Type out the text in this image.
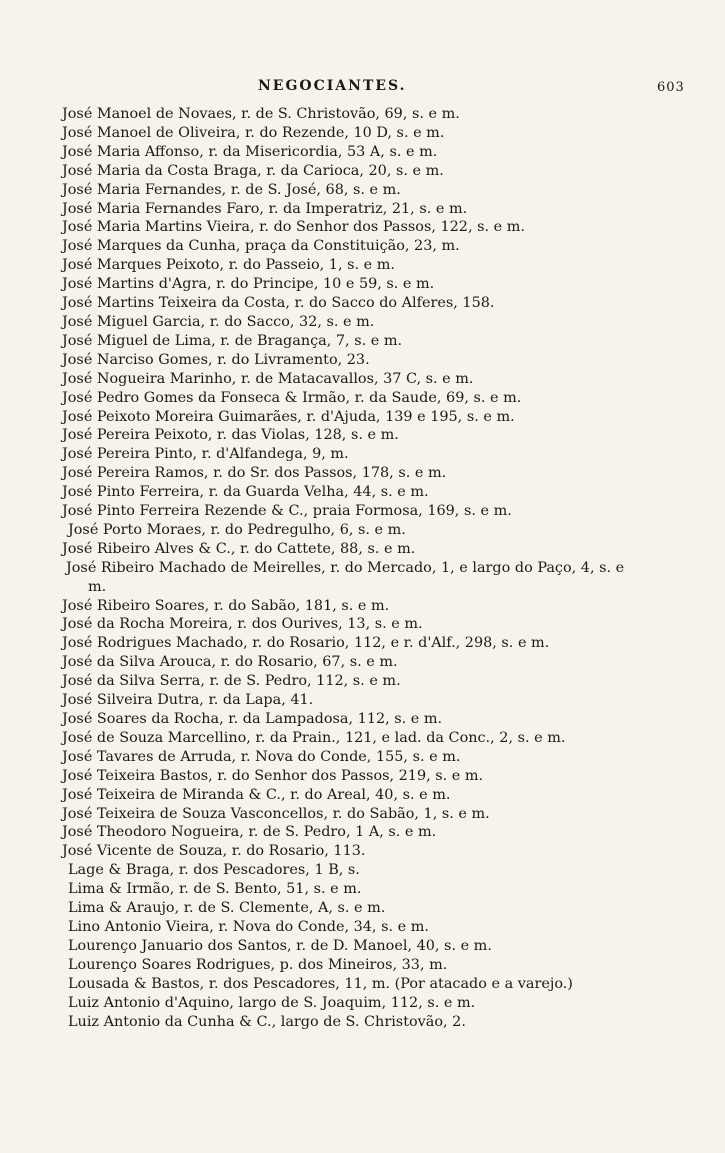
NEGOCIANTES.	603
José Manoel de Novaes, r. de S. Christovão, 69, s. e m.
José Manoel de Oliveira, r. do Rezende, 10 D, s. e m.
José Maria Affonso, r. da Misericordia, 53 A, s. e m.
José Maria da Costa Braga, r. da Carioca, 20, s. e m.
José Maria Fernandes, r. de S. José, 68, s. e m.
José Maria Fernandes Faro, r. da Imperatriz, 21, s. e m.
José Maria Martins Vieira, r. do Senhor dos Passos, 122, s. e m.
José Marques da Cunha, praça da Constituição, 23, m.
José Marques Peixoto, r. do Passeio, 1, s. e m.
José Martins d'Agra, r. do Principe, 10 e 59, s. e m.
José Martins Teixeira da Costa, r. do Sacco do Alferes, 158.
José Miguel Garcia, r. do Sacco, 32, s. e m.
José Miguel de Lima, r. de Bragança, 7, s. e m.
José Narciso Gomes, r. do Livramento, 23.
José Nogueira Marinho, r. de Matacavallos, 37 C, s. e m.
José Pedro Gomes da Fonseca & Irmão, r. da Saude, 69, s. e m.
José Peixoto Moreira Guimarães, r. d'Ajuda, 139 e 195, s. e m.
José Pereira Peixoto, r. das Violas, 128, s. e m.
José Pereira Pinto, r. d'Alfandega, 9, m.
José Pereira Ramos, r. do Sr. dos Passos, 178, s. e m.
José Pinto Ferreira, r. da Guarda Velha, 44, s. e m.
José Pinto Ferreira Rezende & C., praia Formosa, 169, s. e m.
José Porto Moraes, r. do Pedregulho, 6, s. e m.
José Ribeiro Alves & C., r. do Cattete, 88, s. e m.
José Ribeiro Machado de Meirelles, r. do Mercado, 1, e largo do Paço, 4, s. e m.
José Ribeiro Soares, r. do Sabão, 181, s. e m.
José da Rocha Moreira, r. dos Ourives, 13, s. e m.
José Rodrigues Machado, r. do Rosario, 112, e r. d'Alf., 298, s. e m.
José da Silva Arouca, r. do Rosario, 67, s. e m.
José da Silva Serra, r. de S. Pedro, 112, s. e m.
José Silveira Dutra, r. da Lapa, 41.
José Soares da Rocha, r. da Lampadosa, 112, s. e m.
José de Souza Marcellino, r. da Prain., 121, e lad. da Conc., 2, s. e m.
José Tavares de Arruda, r. Nova do Conde, 155, s. e m.
José Teixeira Bastos, r. do Senhor dos Passos, 219, s. e m.
José Teixeira de Miranda & C., r. do Areal, 40, s. e m.
José Teixeira de Souza Vasconcellos, r. do Sabão, 1, s. e m.
José Theodoro Nogueira, r. de S. Pedro, 1 A, s. e m.
José Vicente de Souza, r. do Rosario, 113.
Lage & Braga, r. dos Pescadores, 1 B, s.
Lima & Irmão, r. de S. Bento, 51, s. e m.
Lima & Araujo, r. de S. Clemente, A, s. e m.
Lino Antonio Vieira, r. Nova do Conde, 34, s. e m.
Lourenço Januario dos Santos, r. de D. Manoel, 40, s. e m.
Lourenço Soares Rodrigues, p. dos Mineiros, 33, m.
Lousada & Bastos, r. dos Pescadores, 11, m. (Por atacado e a varejo.)
Luiz Antonio d'Aquino, largo de S. Joaquim, 112, s. e m.
Luiz Antonio da Cunha & C., largo de S. Christovão, 2.
